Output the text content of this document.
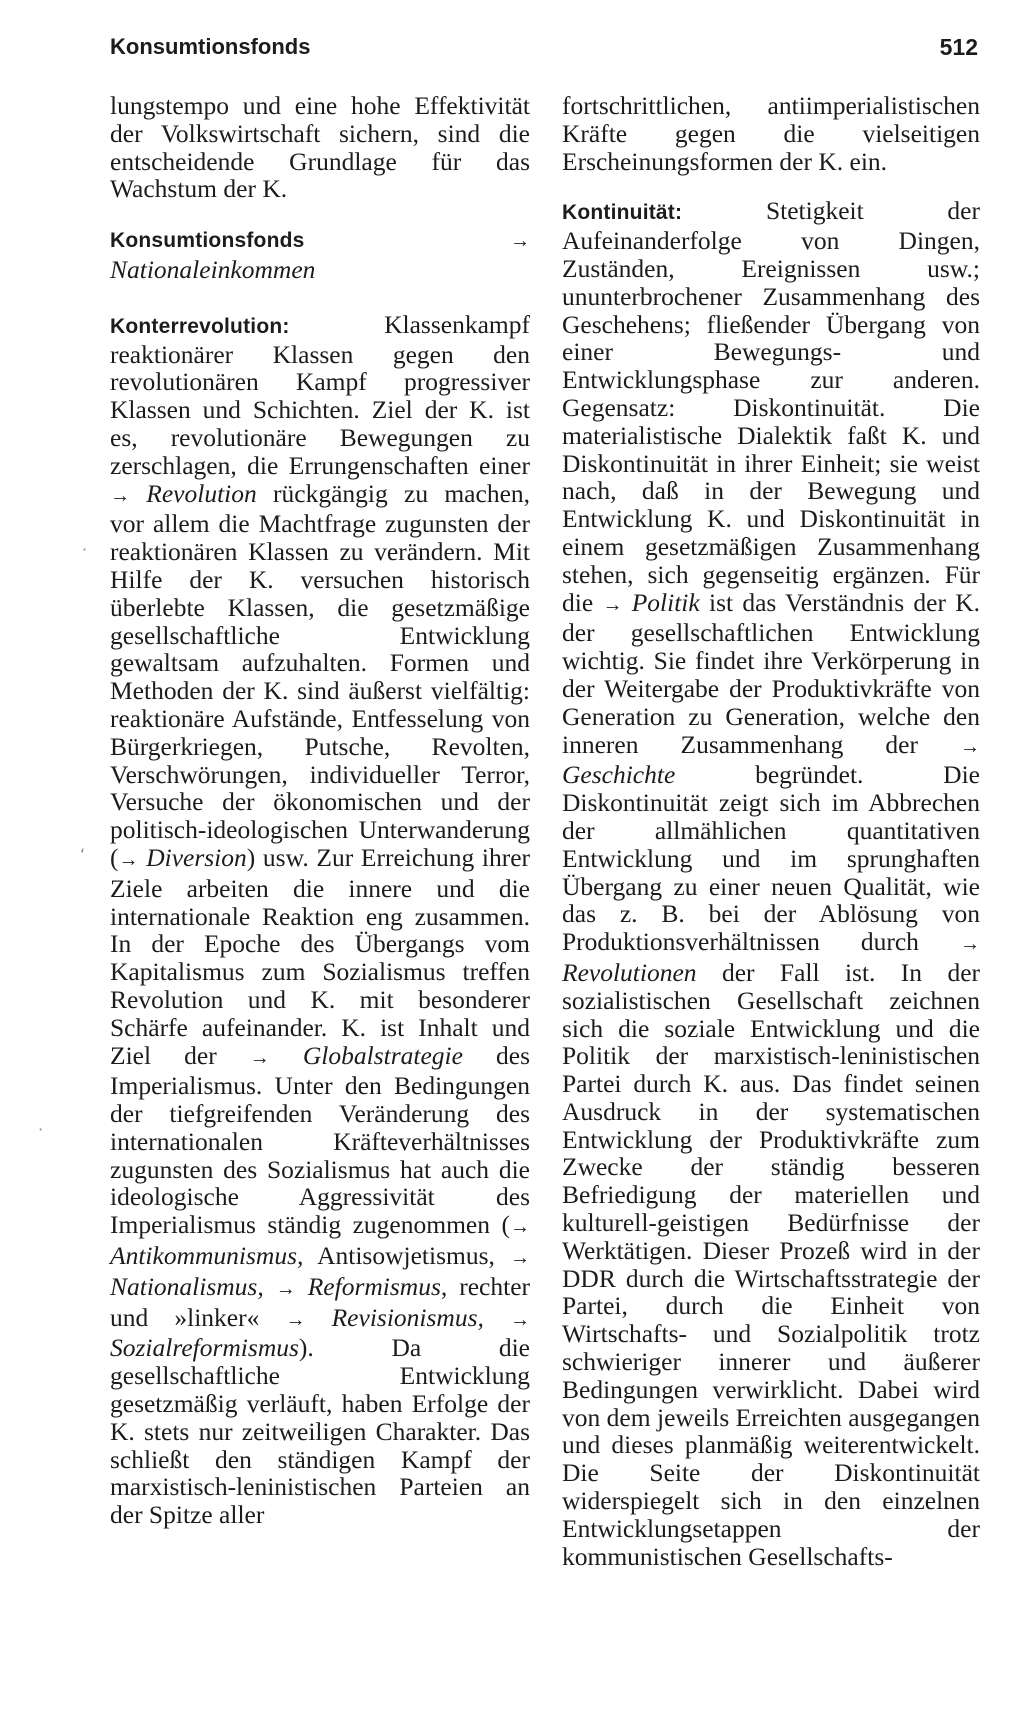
Konsumtionsfonds	512
·
‘
·

lungstempo und eine hohe Effektivität der Volkswirtschaft sichern, sind die entscheidende Grundlage für das Wachstum der K.

Konsumtionsfonds	→ Nationaleinkommen

Konterrevolution:	Klassenkampf reaktionärer Klassen gegen den revolutionären Kampf progressiver Klassen und Schichten. Ziel der K. ist es, revolutionäre Bewegungen zu zerschlagen, die Errungenschaften einer → Revolution rückgängig zu machen, vor allem die Machtfrage zugunsten der reaktionären Klassen zu verändern. Mit Hilfe der K. versuchen historisch überlebte Klassen, die gesetzmäßige gesellschaftliche Entwicklung gewaltsam aufzuhalten. Formen und Methoden der K. sind äußerst vielfältig: reaktionäre Aufstände, Entfesselung von Bürgerkriegen, Putsche, Revolten, Verschwörungen, individueller Terror, Versuche der ökonomischen und der politisch-ideologischen Unterwanderung (→ Diversion) usw. Zur Erreichung ihrer Ziele arbeiten die innere und die internationale Reaktion eng zusammen. In der Epoche des Übergangs vom Kapitalismus zum Sozialismus treffen Revolution und K. mit besonderer Schärfe aufeinander. K. ist Inhalt und Ziel der → Globalstrategie des Imperialismus. Unter den Bedingungen der tiefgreifenden Veränderung des internationalen Kräfteverhältnisses zugunsten des Sozialismus hat auch die ideologische Aggressivität des Imperialismus ständig zugenommen (→ Antikommunismus, Antisowjetismus, → Nationalismus, → Reformismus, rechter und »linker« → Revisionismus, → Sozialreformismus). Da die gesellschaftliche Entwicklung gesetzmäßig verläuft, haben Erfolge der K. stets nur zeitweiligen Charakter. Das schließt den ständigen Kampf der marxistisch-leninistischen Parteien an der Spitze aller

fortschrittlichen, antiimperialistischen Kräfte gegen die vielseitigen Erscheinungsformen der K. ein.

Kontinuität:	Stetigkeit der Aufeinanderfolge von Dingen, Zuständen, Ereignissen usw.; ununterbrochener Zusammenhang des Geschehens; fließender Übergang von einer Bewegungs- und Entwicklungsphase zur anderen. Gegensatz: Diskontinuität. Die materialistische Dialektik faßt K. und Diskontinuität in ihrer Einheit; sie weist nach, daß in der Bewegung und Entwicklung K. und Diskontinuität in einem gesetzmäßigen Zusammenhang stehen, sich gegenseitig ergänzen. Für die → Politik ist das Verständnis der K. der gesellschaftlichen Entwicklung wichtig. Sie findet ihre Verkörperung in der Weitergabe der Produktivkräfte von Generation zu Generation, welche den inneren Zusammenhang der → Geschichte	begründet. Die Diskontinuität zeigt sich im Abbrechen der allmählichen quantitativen Entwicklung und im sprunghaften Übergang zu einer neuen Qualität, wie das z. B. bei der Ablösung von Produktionsverhältnissen durch → Revolutionen der Fall ist. In der sozialistischen Gesellschaft zeichnen sich die soziale Entwicklung und die Politik der marxistisch-leninistischen Partei durch K. aus. Das findet seinen Ausdruck in der systematischen Entwicklung der Produktivkräfte zum Zwecke der ständig besseren Befriedigung der materiellen und kulturell-geistigen Bedürfnisse der Werktätigen. Dieser Prozeß wird in der DDR durch die Wirtschaftsstrategie der Partei, durch die Einheit von Wirtschafts- und Sozialpolitik trotz schwieriger innerer und äußerer Bedingungen verwirklicht. Dabei wird von dem jeweils Erreichten ausgegangen und dieses planmäßig weiterentwickelt. Die Seite der Diskontinuität widerspiegelt sich in den einzelnen Entwicklungsetappen der kommunistischen Gesellschafts-
